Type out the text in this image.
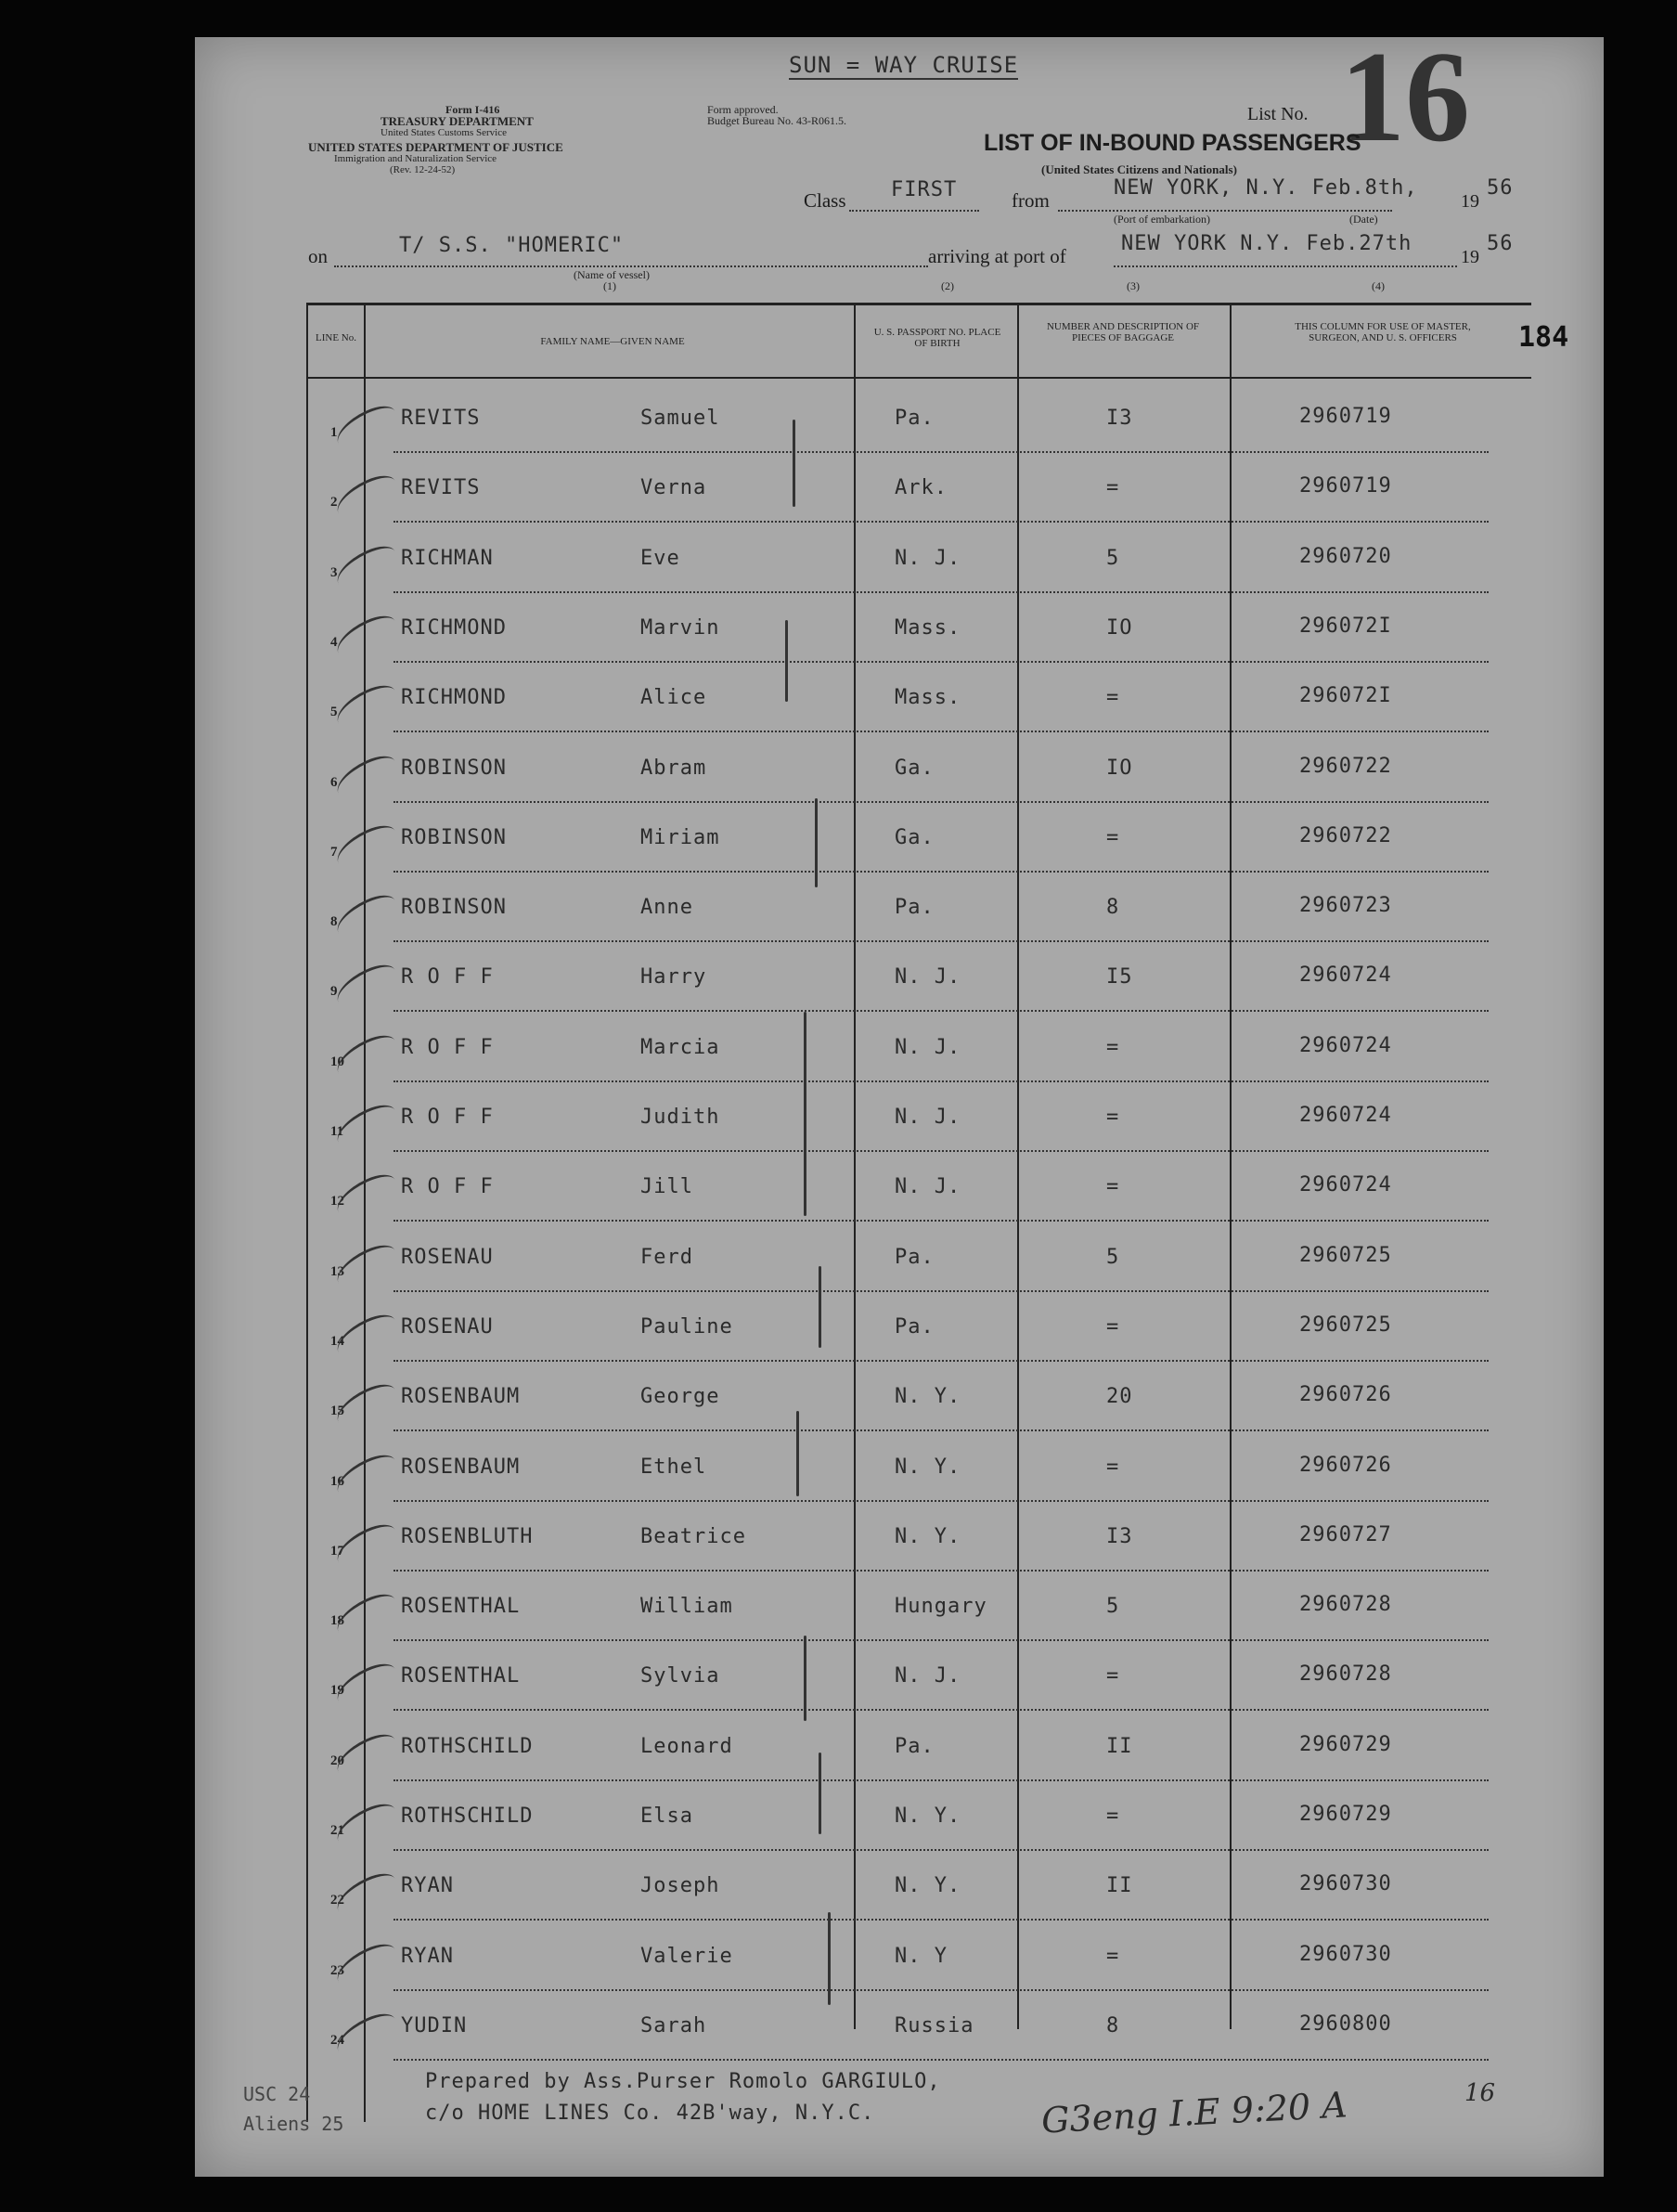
SUN = WAY CRUISE
Form I-416
TREASURY DEPARTMENT
United States Customs Service
UNITED STATES DEPARTMENT OF JUSTICE
Immigration and Naturalization Service
(Rev. 12-24-52)
Form approved.
Budget Bureau No. 43-R061.5.	List No. 16
LIST OF IN-BOUND PASSENGERS
(United States Citizens and Nationals)
Class FIRST	from
NEW YORK, N.Y. Feb.8th,
19
56
(Port of embarkation)	(Date)
on	T/ S.S. "HOMERIC"
(Name of vessel)
(1)
arriving at port of
NEW YORK N.Y. Feb.27th
19
56
(2)	(3)	(4)
LINE No.	FAMILY NAME—GIVEN NAME
U. S. PASSPORT NO. PLACE OF BIRTH
NUMBER AND DESCRIPTION OF PIECES OF BAGGAGE
THIS COLUMN FOR USE OF MASTER, SURGEON, AND U. S. OFFICERS	184
1
REVITS	Samuel	Pa.	I3	2960719
2
REVITS	Verna	Ark.	=	2960719
3
RICHMAN	Eve	N. J.	5	2960720
4
RICHMOND	Marvin	Mass.	IO	296072I
5
RICHMOND	Alice	Mass.	=	296072I
6
ROBINSON	Abram	Ga.	IO	2960722
7
ROBINSON	Miriam	Ga.	=	2960722
8
ROBINSON	Anne	Pa.	8	2960723
9
R O F F	Harry	N. J.	I5	2960724
10
R O F F	Marcia	N. J.	=	2960724
11
R O F F	Judith	N. J.	=	2960724
12
R O F F	Jill	N. J.	=	2960724
13
ROSENAU	Ferd	Pa.	5	2960725
14
ROSENAU	Pauline	Pa.	=	2960725
15
ROSENBAUM	George	N. Y.	20	2960726
16
ROSENBAUM	Ethel	N. Y.	=	2960726
17
ROSENBLUTH	Beatrice	N. Y.	I3	2960727
18
ROSENTHAL	William	Hungary	5	2960728
19
ROSENTHAL	Sylvia	N. J.	=	2960728
20
ROTHSCHILD	Leonard	Pa.	II	2960729
21
ROTHSCHILD	Elsa	N. Y.	=	2960729
22
RYAN	Joseph	N. Y.	II	2960730
23
RYAN	Valerie	N. Y	=	2960730
24
YUDIN	Sarah	Russia	8	2960800
Prepared by Ass.Purser Romolo GARGIULO,
c/o HOME LINES Co. 42B'way, N.Y.C.	G3eng I.E 9:20 A	16
USC 24
Aliens 25
